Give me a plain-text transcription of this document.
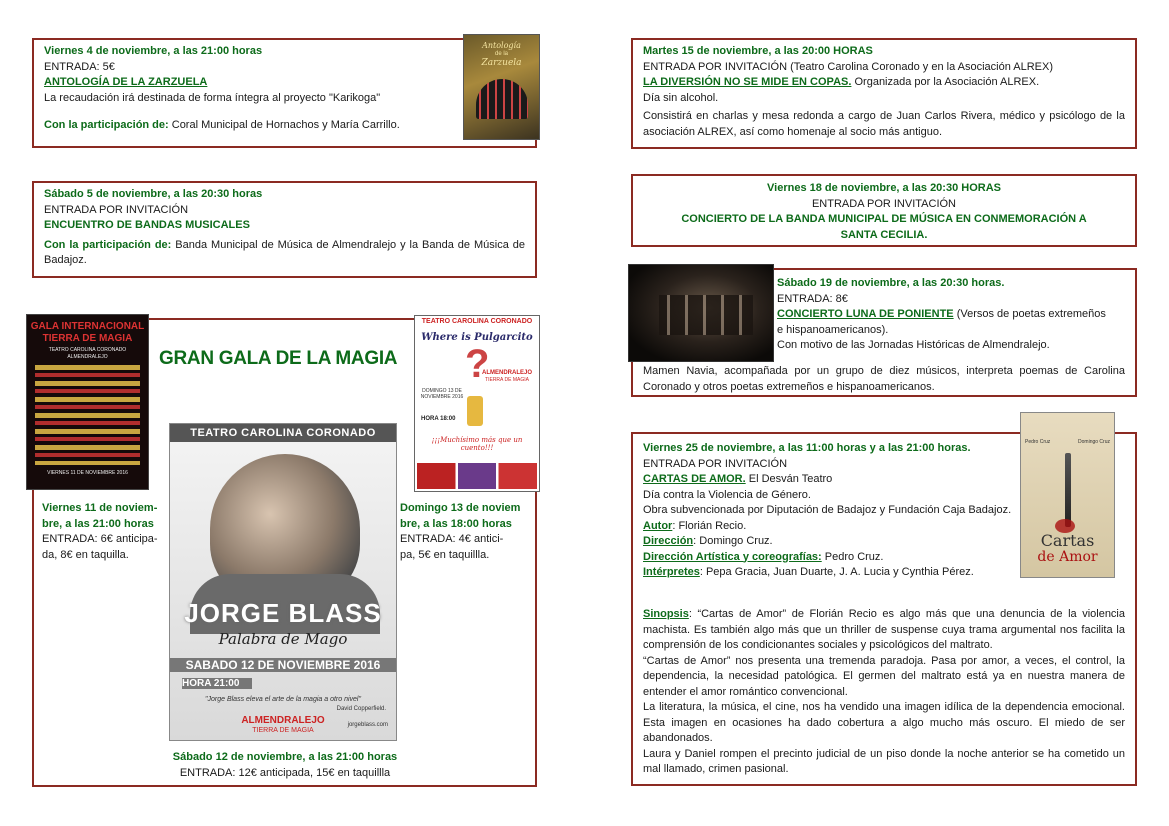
Viernes 4 de noviembre, a las 21:00 horas
ENTRADA: 5€
ANTOLOGÍA DE LA ZARZUELA
La recaudación irá destinada de forma íntegra al proyecto "Karikoga"
Con la participación de: Coral Municipal de Hornachos y María Carrillo.
Antología
de la
Zarzuela
Sábado 5 de noviembre, a las 20:30 horas
ENTRADA POR INVITACIÓN
ENCUENTRO DE BANDAS MUSICALES
Con la participación de: Banda Municipal de Música de Almendralejo y la Banda de Música de Badajoz.
GALA INTERNACIONAL
TIERRA DE MAGIA
TEATRO CAROLINA CORONADO
ALMENDRALEJO
VIERNES 11 DE NOVIEMBRE 2016
GRAN GALA DE LA MAGIA
Viernes 11 de noviem-
bre, a las 21:00 horas
ENTRADA: 6€ anticipa-
da, 8€ en taquilla.
TEATRO CAROLINA CORONADO
JORGE BLASS
Palabra de Mago
SABADO 12 DE NOVIEMBRE 2016
HORA 21:00
"Jorge Blass eleva el arte de la magia a otro nivel"
David Copperfield.
ALMENDRALEJO
TIERRA DE MAGIA
jorgeblass.com
TEATRO CAROLINA CORONADO
Where is Pulgarcito
?
ALMENDRALEJO
TIERRA DE MAGIA
DOMINGO 13 DE NOVIEMBRE 2016
HORA 18:00
¡¡¡Muchísimo más que un cuento!!!
Domingo 13 de noviem
bre, a las 18:00 horas
ENTRADA: 4€ antici-
pa, 5€ en taquillla.
Sábado 12 de noviembre, a las 21:00 horas
ENTRADA: 12€ anticipada, 15€ en taquillla
Martes 15 de noviembre, a las 20:00 HORAS
ENTRADA POR INVITACIÓN (Teatro Carolina Coronado y en la Asociación ALREX)
LA DIVERSIÓN NO SE MIDE EN COPAS. Organizada por la Asociación ALREX.
Día sin alcohol.
Consistirá en charlas y mesa redonda a cargo de Juan Carlos Rivera, médico y psicólogo de la asociación ALREX, así como homenaje al socio más antiguo.
Viernes 18 de noviembre, a las 20:30 HORAS
ENTRADA POR INVITACIÓN
CONCIERTO DE LA BANDA MUNICIPAL DE MÚSICA EN CONMEMORACIÓN A SANTA CECILIA.
Sábado 19 de noviembre, a las 20:30 horas.
ENTRADA: 8€
CONCIERTO LUNA DE PONIENTE (Versos de poetas extremeños
e hispanoamericanos).
Con motivo de las Jornadas Históricas de Almendralejo.
Mamen Navia, acompañada por un grupo de diez músicos, interpreta poemas de Carolina Coronado y otros poetas extremeños e hispanoamericanos.
Pedro Cruz	Domingo Cruz
Cartas
de Amor
Viernes 25 de noviembre, a las 11:00 horas y a las 21:00 horas.
ENTRADA POR INVITACIÓN
CARTAS DE AMOR. El Desván Teatro
Día contra la Violencia de Género.
Obra subvencionada por Diputación de Badajoz y Fundación Caja Badajoz.
Autor: Florián Recio.
Dirección: Domingo Cruz.
Dirección Artística y coreografías: Pedro Cruz.
Intérpretes: Pepa Gracia, Juan Duarte, J. A. Lucia y Cynthia Pérez.
Sinopsis: “Cartas de Amor” de Florián Recio es algo más que una denuncia de la violencia machista. Es también algo más que un thriller de suspense cuya trama argumental nos facilita la comprensión de los condicionantes sociales y psicológicos del maltrato.
“Cartas de Amor” nos presenta una tremenda paradoja. Pasa por amor, a veces, el control, la dependencia, la necesidad patológica. El germen del maltrato está ya en nuestra manera de entender el amor romántico convencional.
La literatura, la música, el cine, nos ha vendido una imagen idílica de la dependencia emocional. Esta imagen en ocasiones ha dado cobertura a algo mucho más oscuro. El miedo de ser abandonados.
Laura y Daniel rompen el precinto judicial de un piso donde la noche anterior se ha cometido un mal llamado, crimen pasional.
